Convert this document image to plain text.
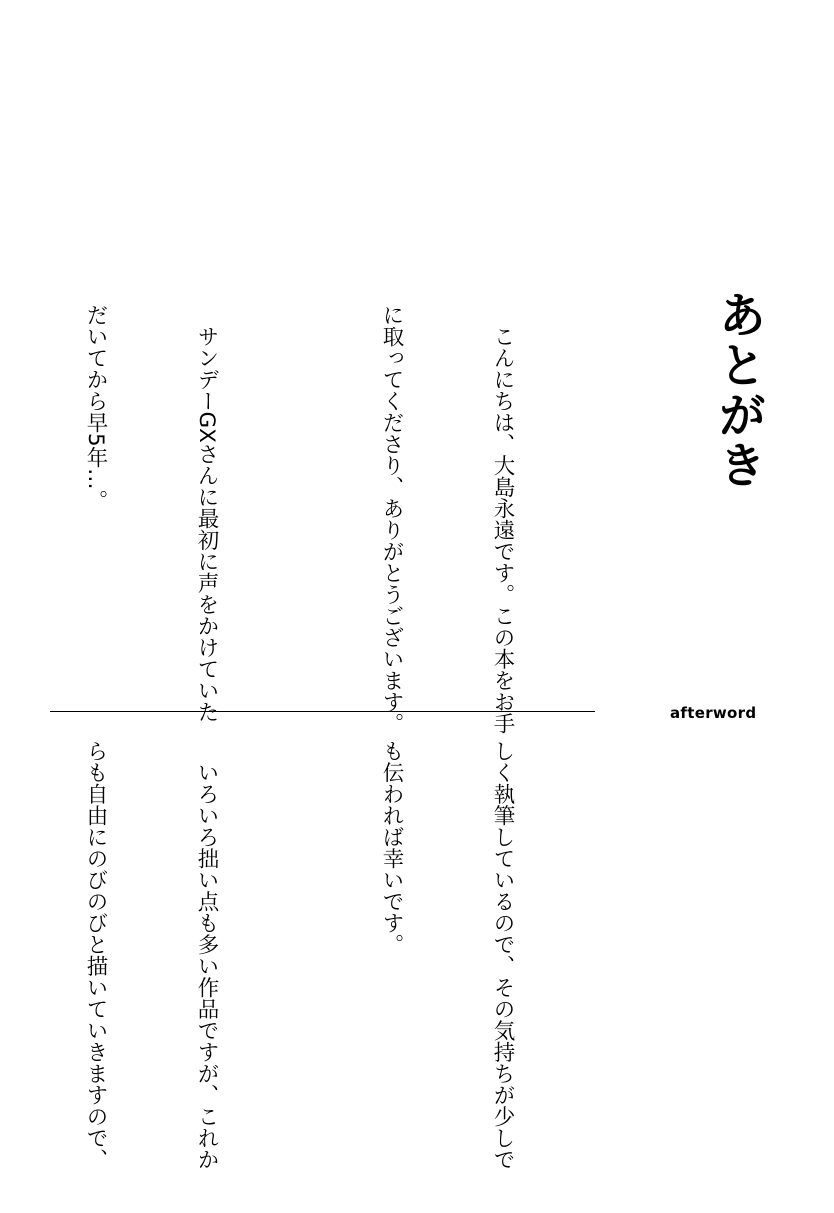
あとがき

　こんにちは、大島永遠です。この本をお手

に取ってくださり、ありがとうございます。

　サンデーGXさんに最初に声をかけていた

だいてから早5年…。

afterword

しく執筆しているので、その気持ちが少しで

も伝われば幸いです。

　いろいろ拙い点も多い作品ですが、これか

らも自由にのびのびと描いていきますので、
